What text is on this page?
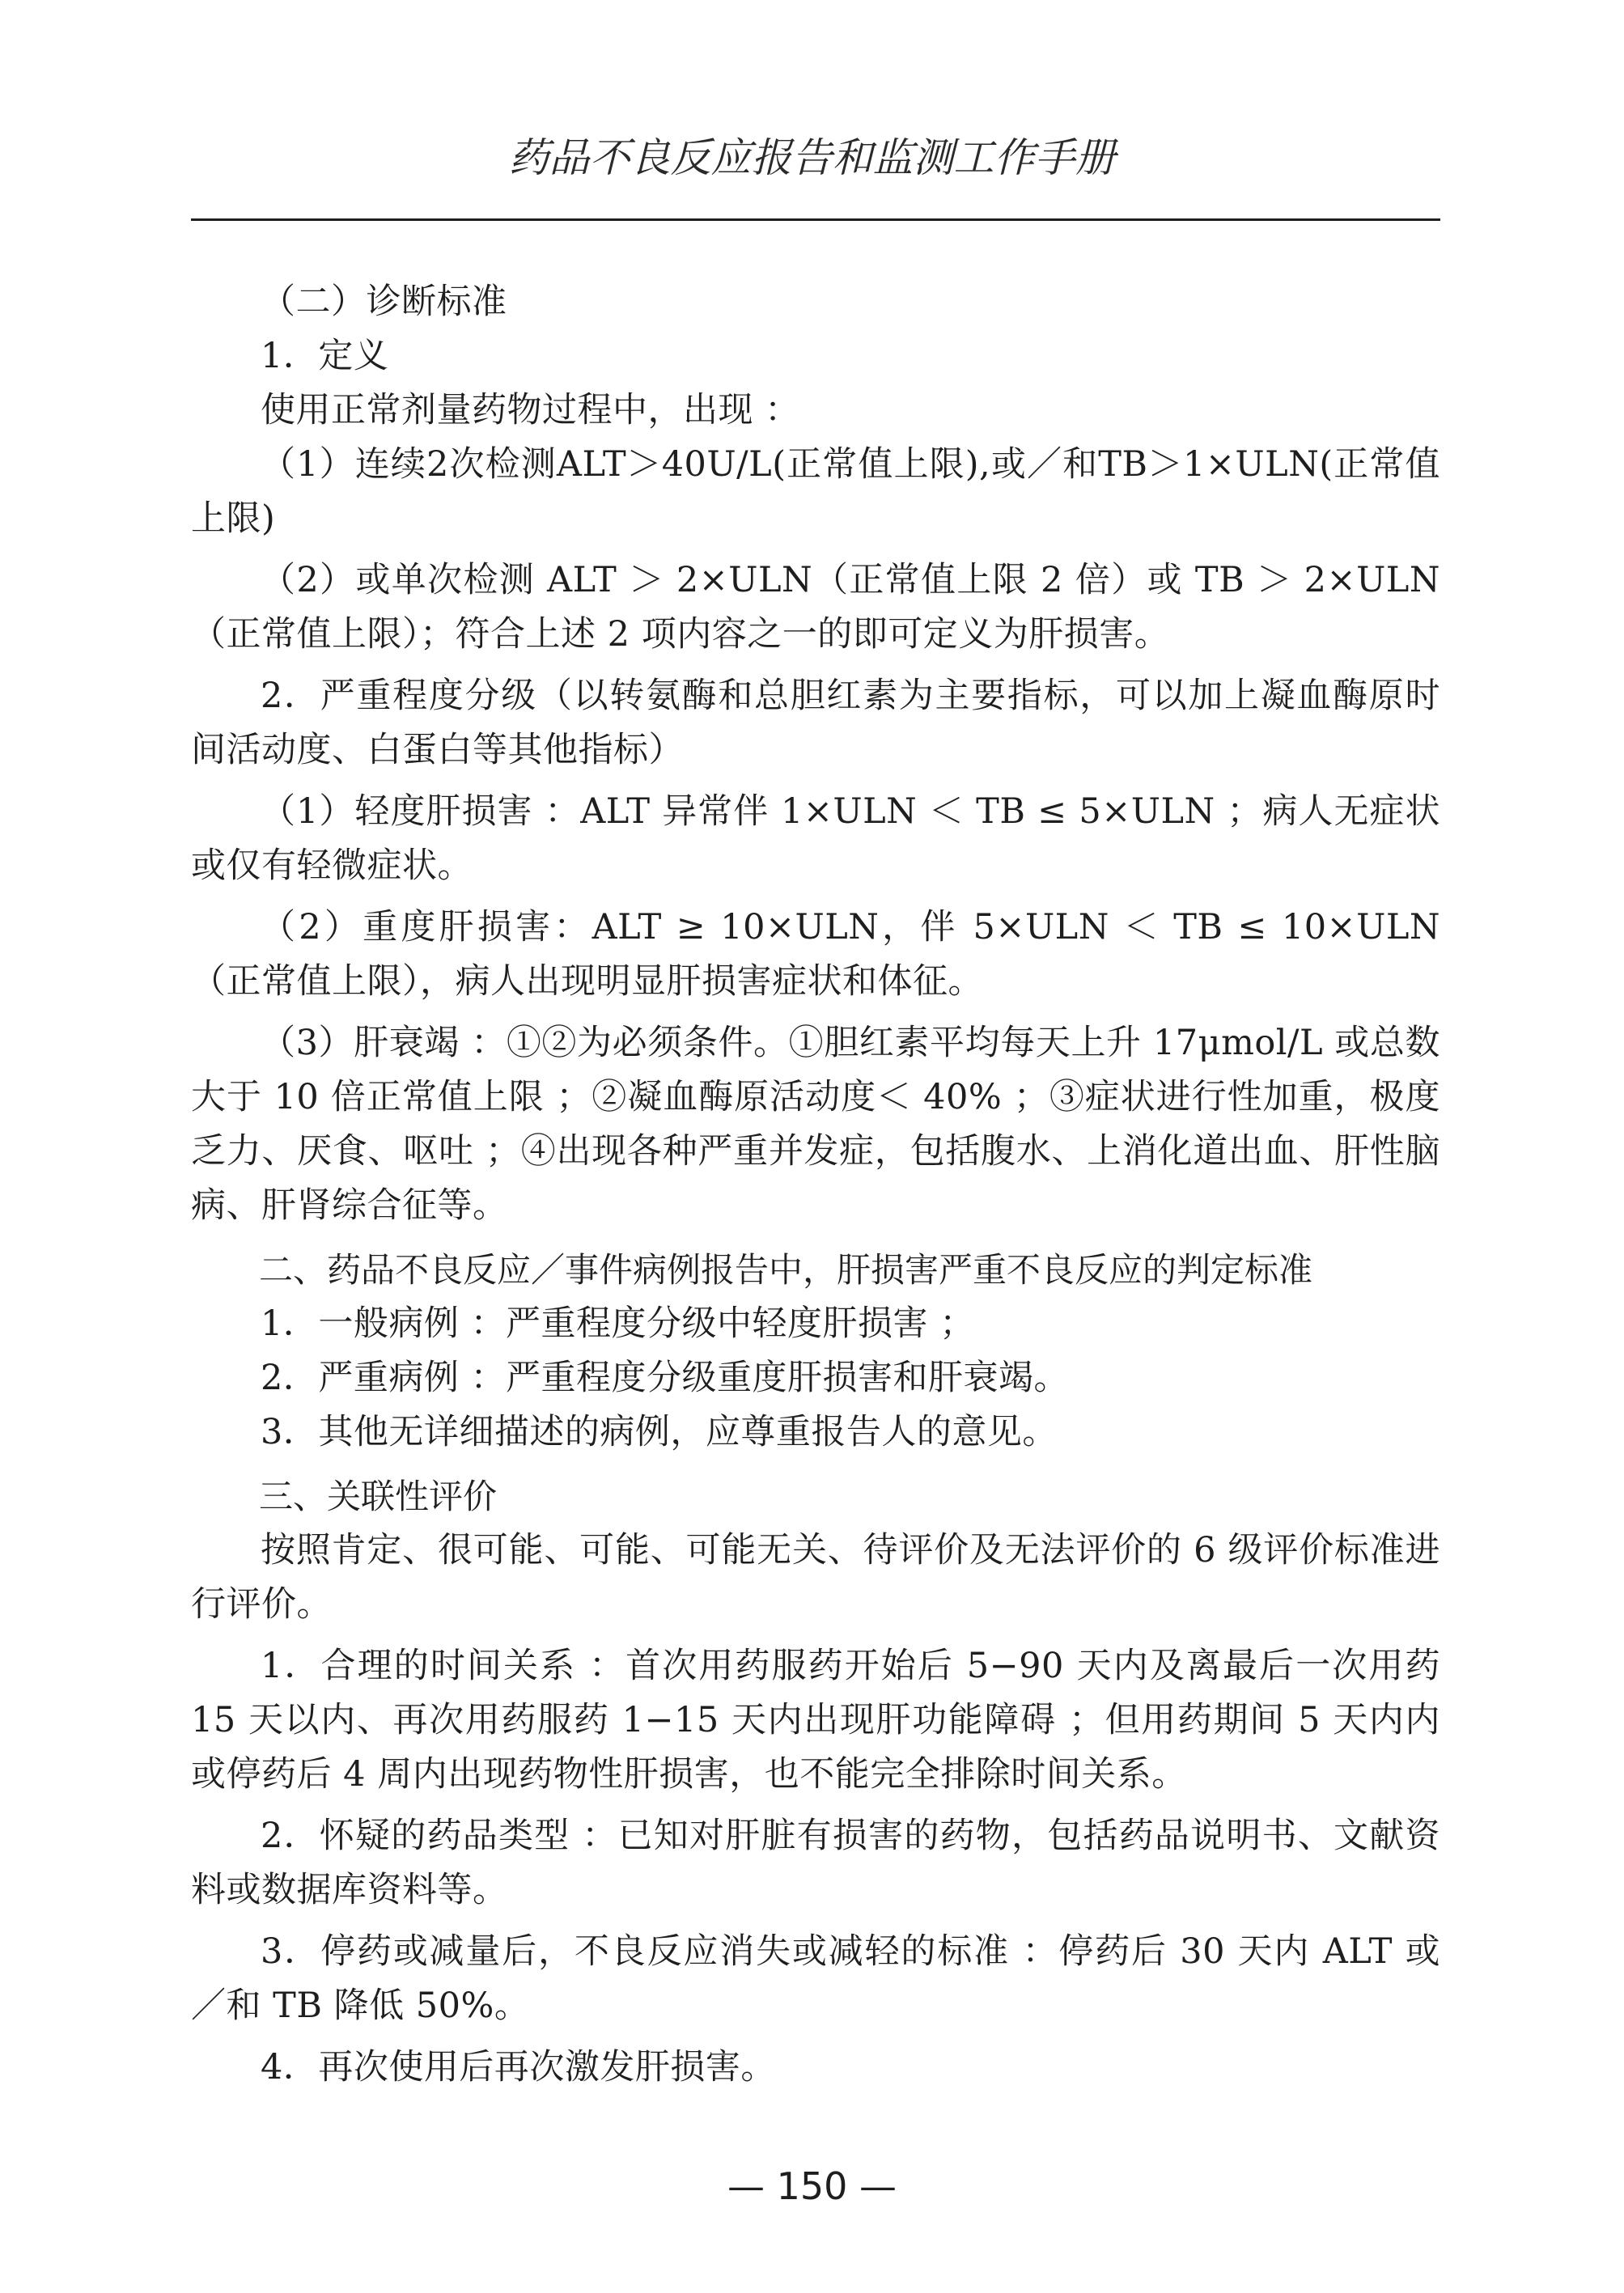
药品不良反应报告和监测工作手册

（二）诊断标准

1．定义

使用正常剂量药物过程中，出现 ：

（1）连续2次检测ALT＞40U/L(正常值上限),或／和TB＞1×ULN(正常值上限)

（2）或单次检测 ALT ＞ 2×ULN（正常值上限 2 倍）或 TB ＞ 2×ULN（正常值上限）；符合上述 2 项内容之一的即可定义为肝损害。

2．严重程度分级（以转氨酶和总胆红素为主要指标，可以加上凝血酶原时间活动度、白蛋白等其他指标）

（1）轻度肝损害 ：ALT 异常伴 1×ULN ＜ TB ≤ 5×ULN ；病人无症状或仅有轻微症状。

（2）重度肝损害：ALT ≥ 10×ULN，伴 5×ULN ＜ TB ≤ 10×ULN（正常值上限），病人出现明显肝损害症状和体征。

（3）肝衰竭 ：①②为必须条件。①胆红素平均每天上升 17μmol/L 或总数大于 10 倍正常值上限 ；②凝血酶原活动度＜ 40% ；③症状进行性加重，极度乏力、厌食、呕吐 ；④出现各种严重并发症，包括腹水、上消化道出血、肝性脑病、肝肾综合征等。

二、药品不良反应／事件病例报告中，肝损害严重不良反应的判定标准

1．一般病例 ：严重程度分级中轻度肝损害 ；

2．严重病例 ：严重程度分级重度肝损害和肝衰竭。

3．其他无详细描述的病例，应尊重报告人的意见。

三、关联性评价

按照肯定、很可能、可能、可能无关、待评价及无法评价的 6 级评价标准进行评价。

1．合理的时间关系 ：首次用药服药开始后 5−90 天内及离最后一次用药 15 天以内、再次用药服药 1−15 天内出现肝功能障碍 ；但用药期间 5 天内内或停药后 4 周内出现药物性肝损害，也不能完全排除时间关系。

2．怀疑的药品类型 ：已知对肝脏有损害的药物，包括药品说明书、文献资料或数据库资料等。

3．停药或减量后，不良反应消失或减轻的标准 ：停药后 30 天内 ALT 或／和 TB 降低 50%。

4．再次使用后再次激发肝损害。

— 150 —
